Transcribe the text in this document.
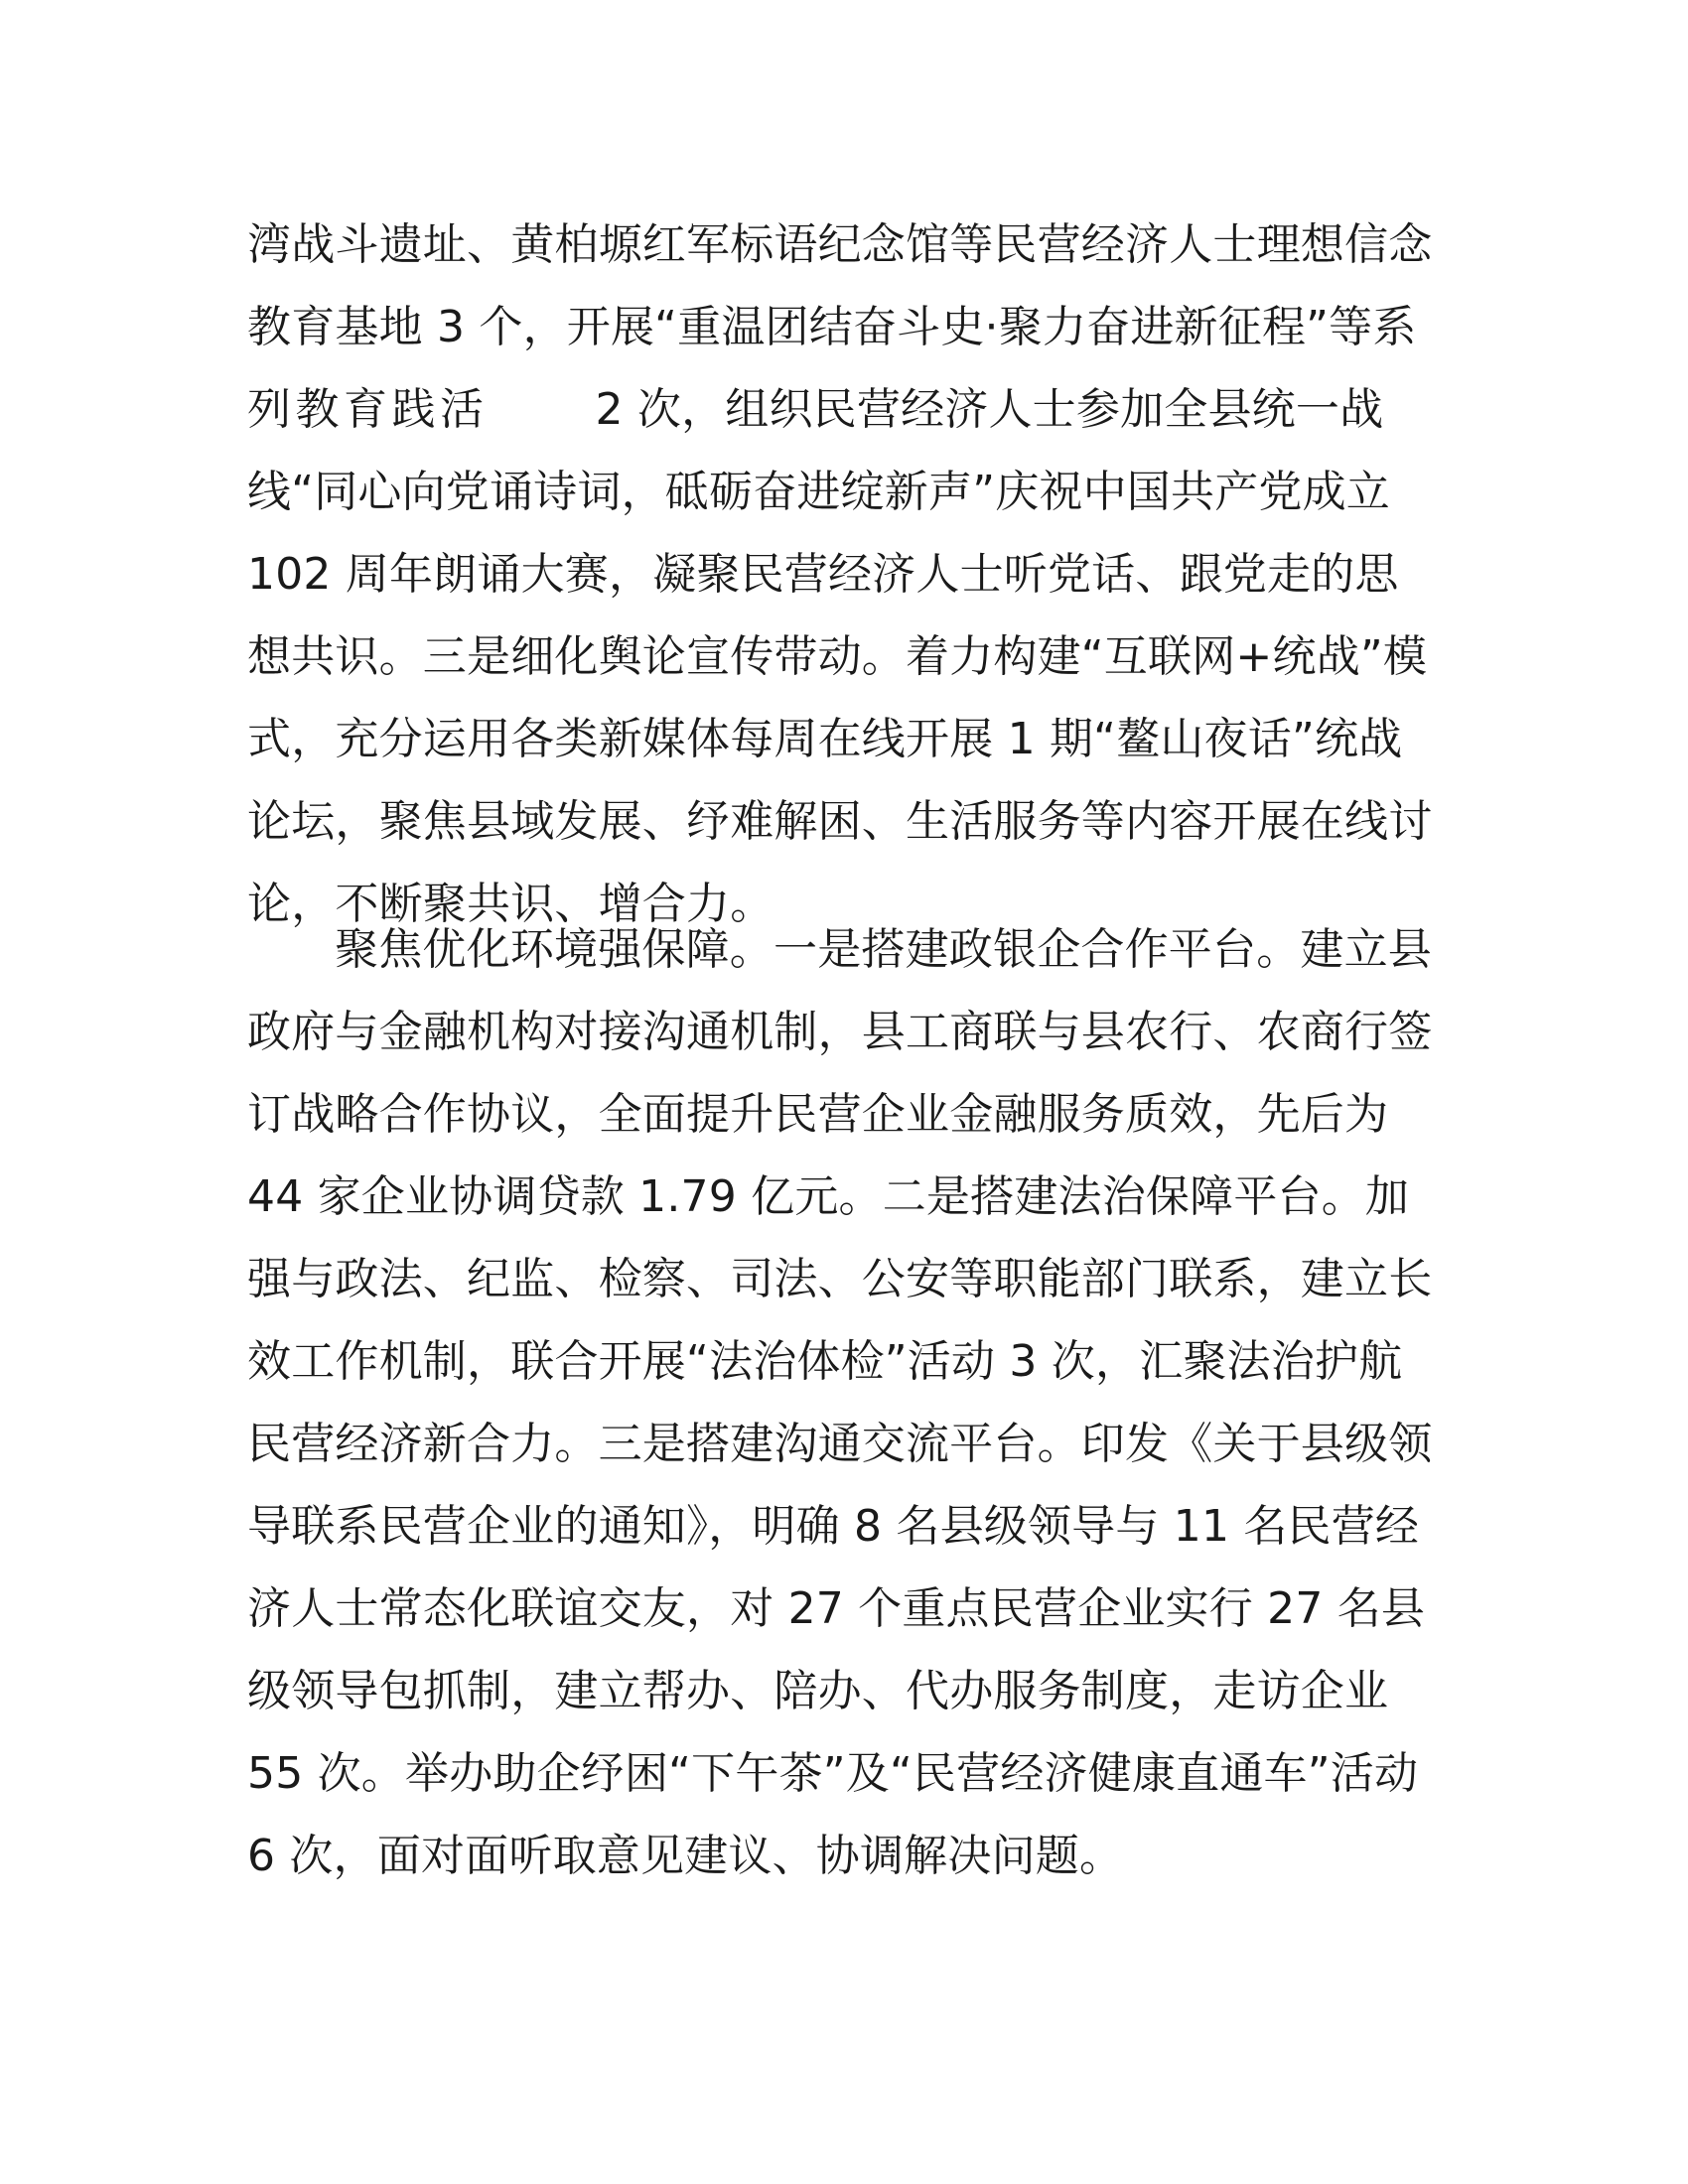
湾战斗遗址、黄柏塬红军标语纪念馆等民营经济人士理想信念
教育基地 3 个，开展“重温团结奋斗史·聚力奋进新征程”等系
列教育践活 2 次，组织民营经济人士参加全县统一战
线“同心向党诵诗词，砥砺奋进绽新声”庆祝中国共产党成立
102 周年朗诵大赛，凝聚民营经济人士听党话、跟党走的思
想共识。三是细化舆论宣传带动。着力构建“互联网+统战”模
式，充分运用各类新媒体每周在线开展 1 期“鳌山夜话”统战
论坛，聚焦县域发展、纾难解困、生活服务等内容开展在线讨
论，不断聚共识、增合力。
聚焦优化环境强保障。一是搭建政银企合作平台。建立县
政府与金融机构对接沟通机制，县工商联与县农行、农商行签
订战略合作协议，全面提升民营企业金融服务质效，先后为
44 家企业协调贷款 1.79 亿元。二是搭建法治保障平台。加
强与政法、纪监、检察、司法、公安等职能部门联系，建立长
效工作机制，联合开展“法治体检”活动 3 次，汇聚法治护航
民营经济新合力。三是搭建沟通交流平台。印发《关于县级领
导联系民营企业的通知》，明确 8 名县级领导与 11 名民营经
济人士常态化联谊交友，对 27 个重点民营企业实行 27 名县
级领导包抓制，建立帮办、陪办、代办服务制度，走访企业
55 次。举办助企纾困“下午茶”及“民营经济健康直通车”活动
6 次，面对面听取意见建议、协调解决问题。
